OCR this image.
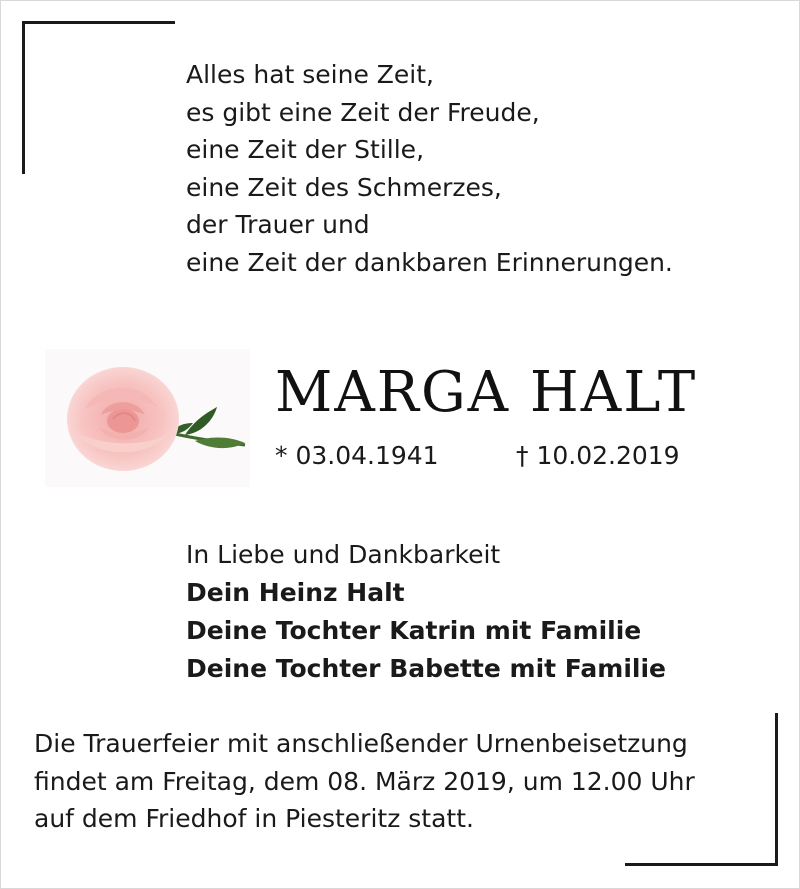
Alles hat seine Zeit,
es gibt eine Zeit der Freude,
eine Zeit der Stille,
eine Zeit des Schmerzes,
der Trauer und
eine Zeit der dankbaren Erinnerungen.
MARGA HALT
* 03.04.1941	† 10.02.2019
In Liebe und Dankbarkeit
Dein Heinz Halt
Deine Tochter Katrin mit Familie
Deine Tochter Babette mit Familie
Die Trauerfeier mit anschließender Urnenbeisetzung
findet am Freitag, dem 08. März 2019, um 12.00 Uhr
auf dem Friedhof in Piesteritz statt.
